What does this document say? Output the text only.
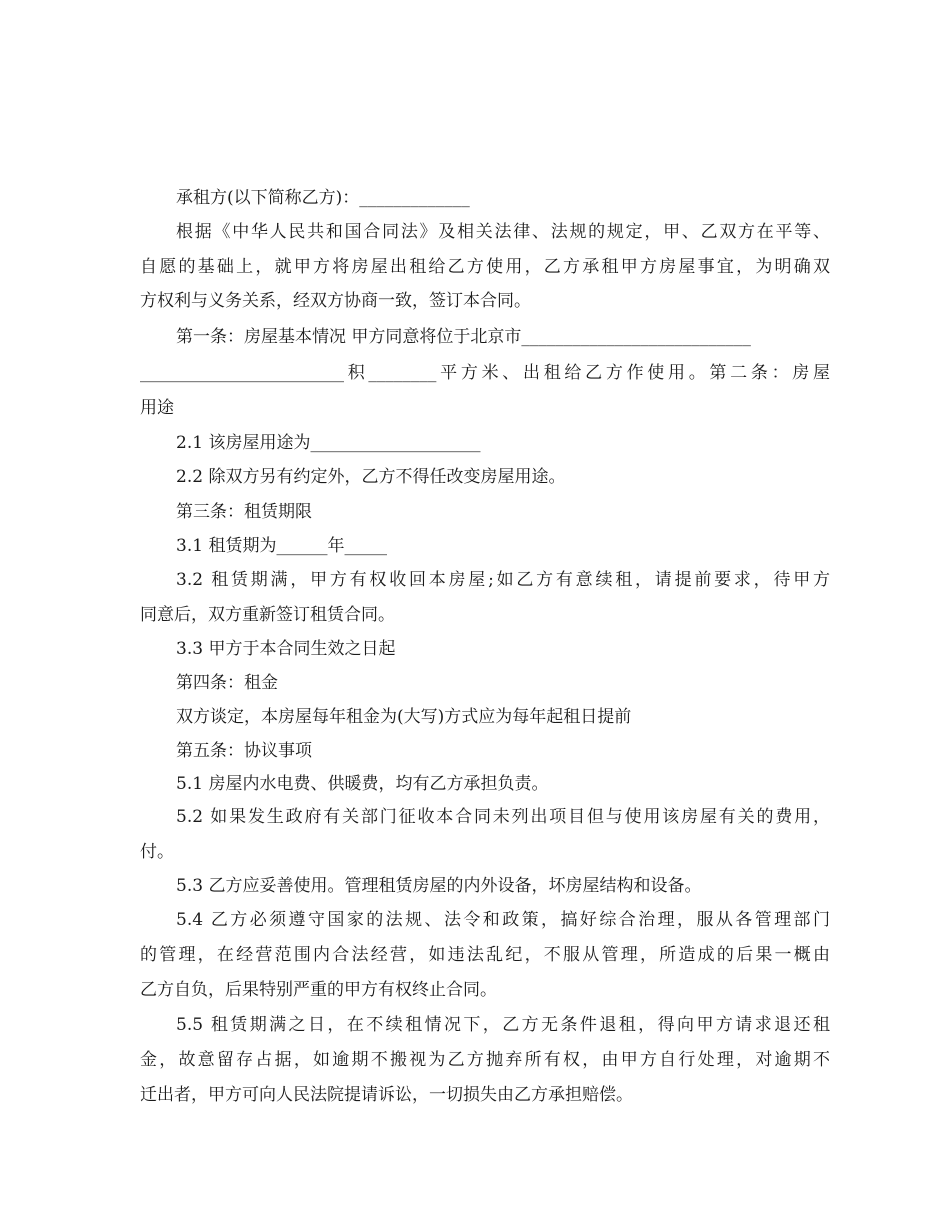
承租方(以下简称乙方)：_____________
根据《中华人民共和国合同法》及相关法律、法规的规定，甲、乙双方在平等、
自愿的基础上，就甲方将房屋出租给乙方使用，乙方承租甲方房屋事宜，为明确双
方权利与义务关系，经双方协商一致，签订本合同。
第一条：房屋基本情况 甲方同意将位于北京市___________________________
________________________积________平方米、出租给乙方作使用。第二条：房屋
用途
2.1 该房屋用途为____________________
2.2 除双方另有约定外，乙方不得任改变房屋用途。
第三条：租赁期限
3.1 租赁期为______年_____
3.2 租赁期满，甲方有权收回本房屋;如乙方有意续租，请提前要求，待甲方
同意后，双方重新签订租赁合同。
3.3 甲方于本合同生效之日起
第四条：租金
双方谈定，本房屋每年租金为(大写)方式应为每年起租日提前
第五条：协议事项
5.1 房屋内水电费、供暖费，均有乙方承担负责。
5.2 如果发生政府有关部门征收本合同未列出项目但与使用该房屋有关的费用，
付。
5.3 乙方应妥善使用。管理租赁房屋的内外设备，坏房屋结构和设备。
5.4 乙方必须遵守国家的法规、法令和政策，搞好综合治理，服从各管理部门
的管理，在经营范围内合法经营，如违法乱纪，不服从管理，所造成的后果一概由
乙方自负，后果特别严重的甲方有权终止合同。
5.5 租赁期满之日，在不续租情况下，乙方无条件退租，得向甲方请求退还租
金，故意留存占据，如逾期不搬视为乙方抛弃所有权，由甲方自行处理，对逾期不
迁出者，甲方可向人民法院提请诉讼，一切损失由乙方承担赔偿。
